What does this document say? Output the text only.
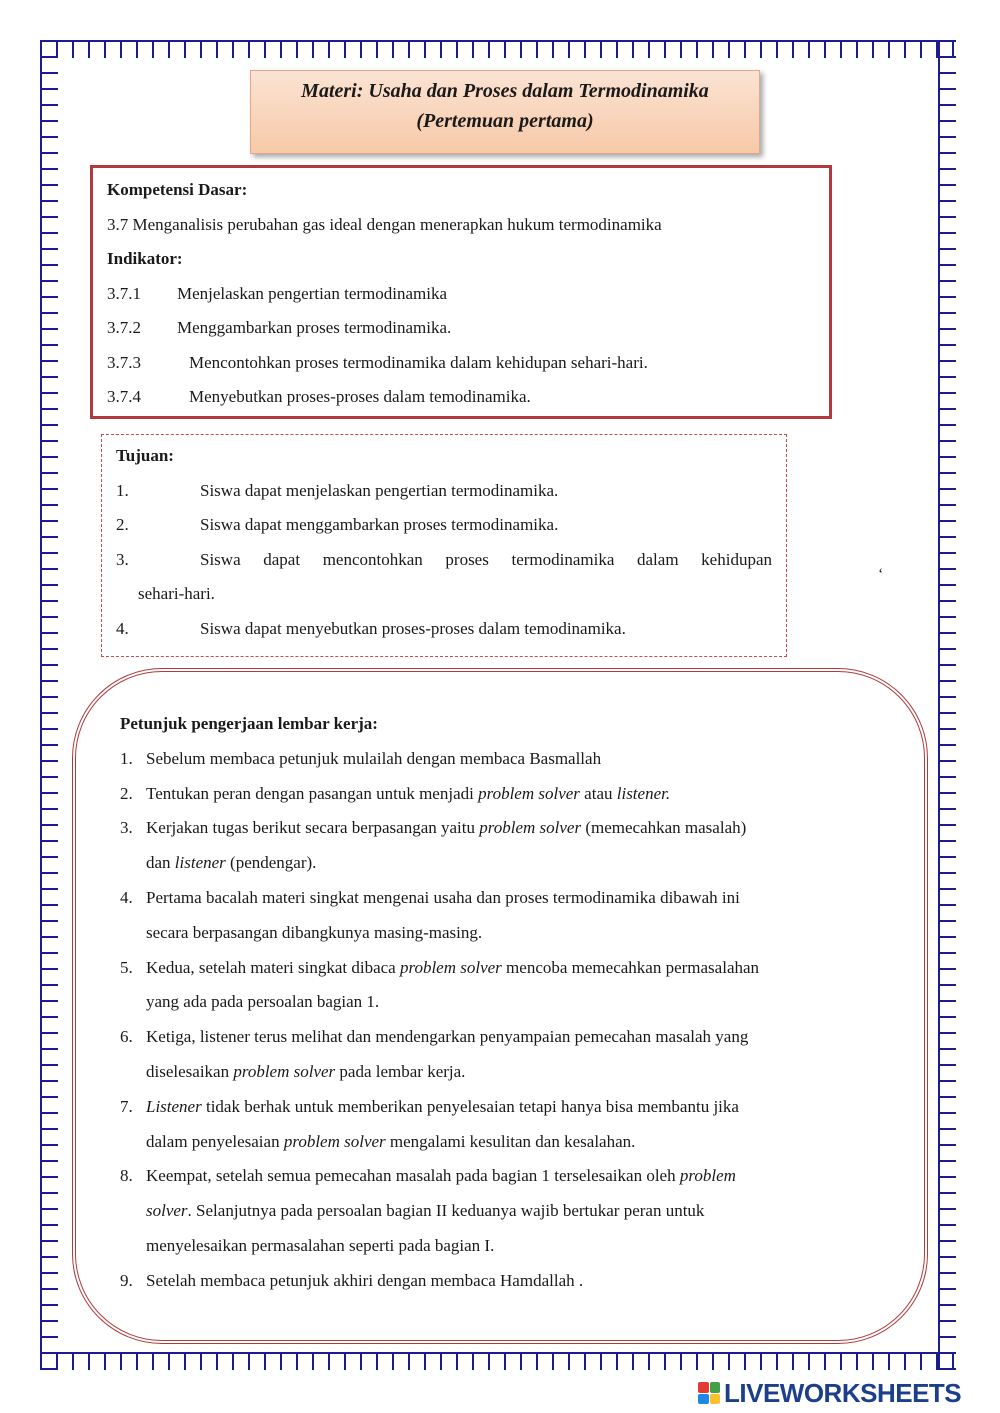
Materi: Usaha dan Proses dalam Termodinamika
(Pertemuan pertama)
Kompetensi Dasar:
3.7 Menganalisis perubahan gas ideal dengan menerapkan hukum termodinamika
Indikator:
3.7.1 Menjelaskan pengertian termodinamika
3.7.2 Menggambarkan proses termodinamika.
3.7.3	Mencontohkan proses termodinamika dalam kehidupan sehari-hari.
3.7.4	Menyebutkan proses-proses dalam temodinamika.
Tujuan:
1.	Siswa dapat menjelaskan pengertian termodinamika.
2.	Siswa dapat menggambarkan proses termodinamika.
3.	Siswa dapat mencontohkan proses termodinamika dalam kehidupan
sehari-hari.
4.	Siswa dapat menyebutkan proses-proses dalam temodinamika.
‘
Petunjuk pengerjaan lembar kerja:
1. Sebelum membaca petunjuk mulailah dengan membaca Basmallah
2. Tentukan peran dengan pasangan untuk menjadi problem solver atau listener.
3. Kerjakan tugas berikut secara berpasangan yaitu problem solver (memecahkan masalah)
dan listener (pendengar).
4. Pertama bacalah materi singkat mengenai usaha dan proses termodinamika dibawah ini
secara berpasangan dibangkunya masing-masing.
5. Kedua, setelah materi singkat dibaca problem solver mencoba memecahkan permasalahan
yang ada pada persoalan bagian 1.
6. Ketiga, listener terus melihat dan mendengarkan penyampaian pemecahan masalah yang
diselesaikan problem solver pada lembar kerja.
7. Listener tidak berhak untuk memberikan penyelesaian tetapi hanya bisa membantu jika
dalam penyelesaian problem solver mengalami kesulitan dan kesalahan.
8. Keempat, setelah semua pemecahan masalah pada bagian 1 terselesaikan oleh problem
solver. Selanjutnya pada persoalan bagian II keduanya wajib bertukar peran untuk
menyelesaikan permasalahan seperti pada bagian I.
9. Setelah membaca petunjuk akhiri dengan membaca Hamdallah .
LIVEWORKSHEETS
